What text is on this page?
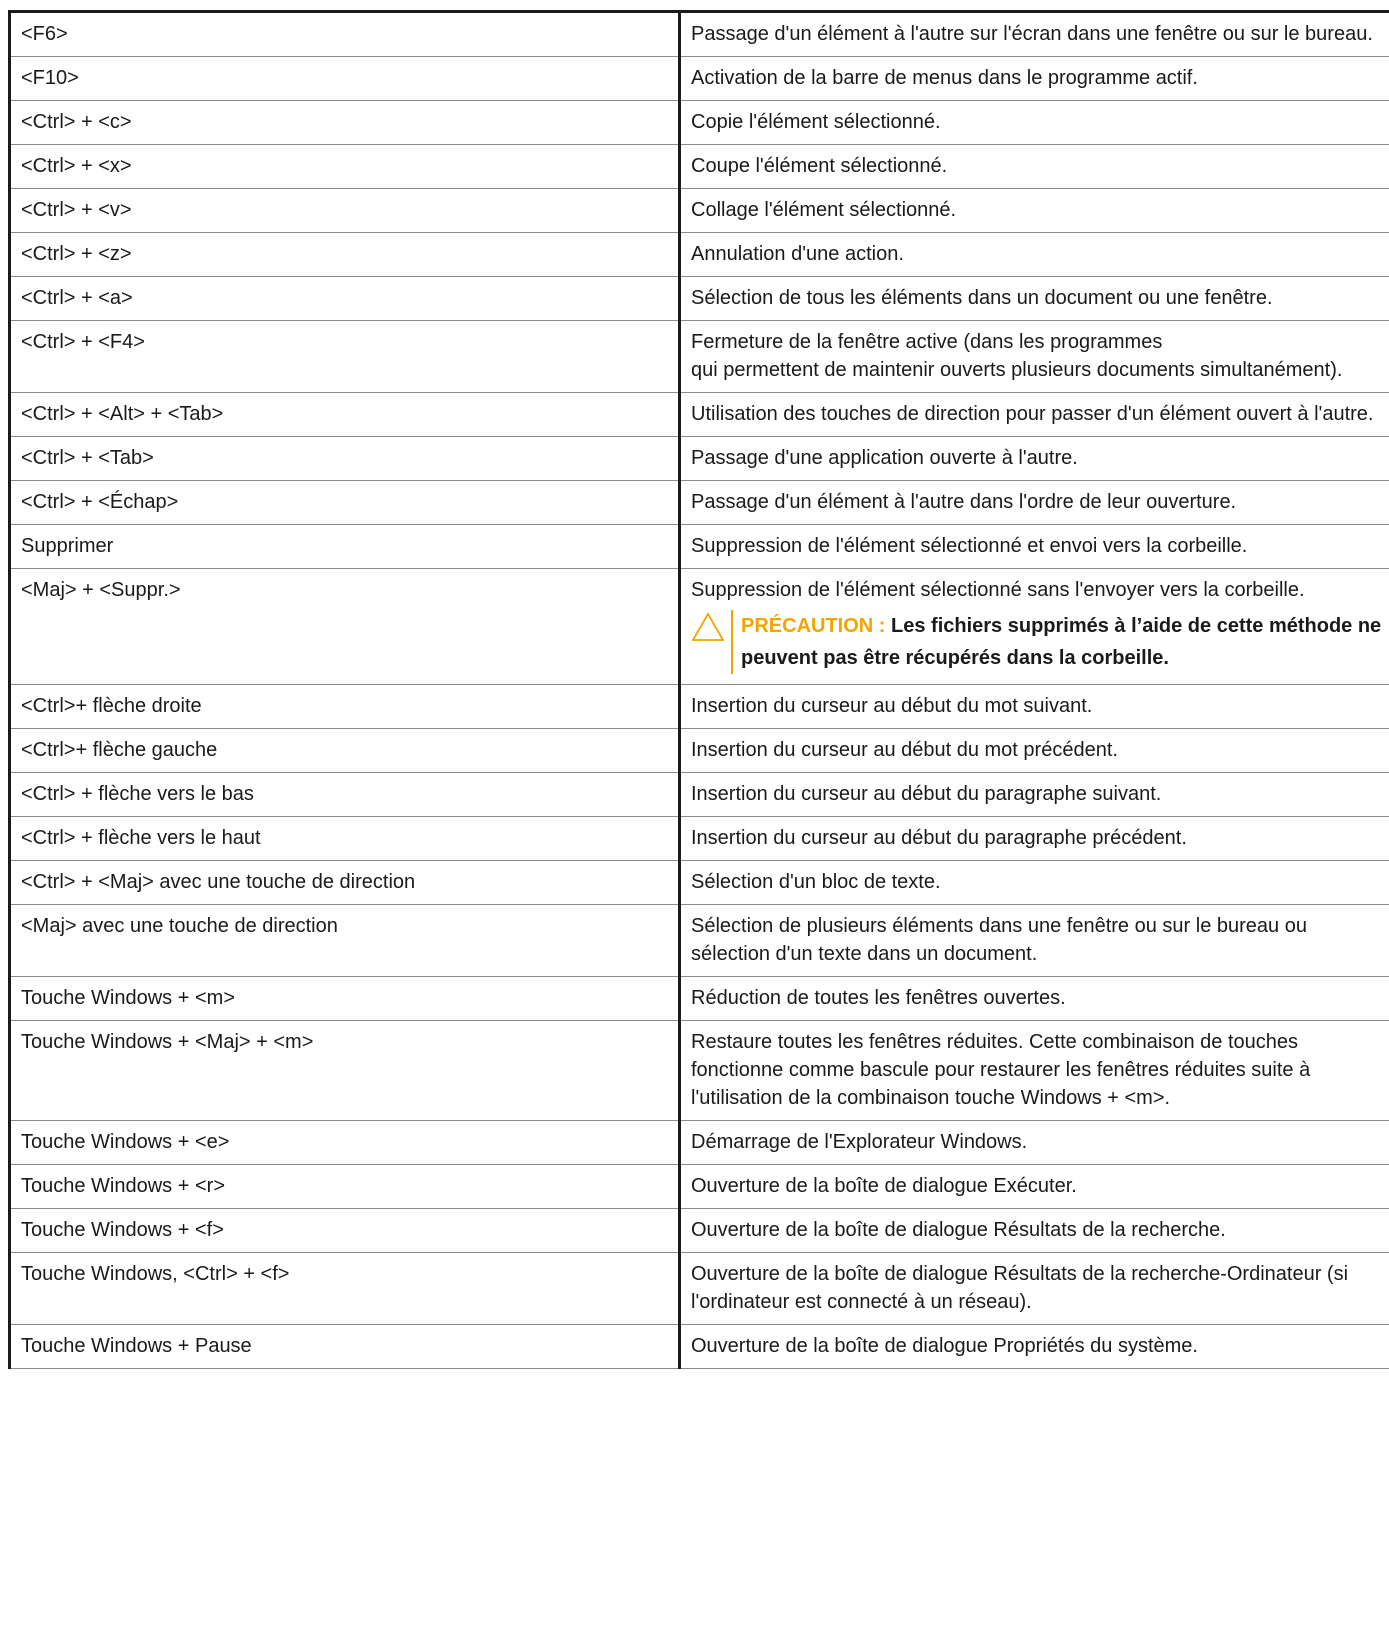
<F6>	Passage d'un élément à l'autre sur l'écran dans une fenêtre ou sur le bureau.

<F10>	Activation de la barre de menus dans le programme actif.

<Ctrl> + <c>	Copie l'élément sélectionné.

<Ctrl> + <x>	Coupe l'élément sélectionné.

<Ctrl> + <v>	Collage l'élément sélectionné.

<Ctrl> + <z>	Annulation d'une action.

<Ctrl> + <a>	Sélection de tous les éléments dans un document ou une fenêtre.

<Ctrl> + <F4>	Fermeture de la fenêtre active (dans les programmes
qui permettent de maintenir ouverts plusieurs documents simultanément).

<Ctrl> + <Alt> + <Tab>	Utilisation des touches de direction pour passer d'un élément ouvert à l'autre.

<Ctrl> + <Tab>	Passage d'une application ouverte à l'autre.

<Ctrl> + <Échap>	Passage d'un élément à l'autre dans l'ordre de leur ouverture.

Supprimer	Suppression de l'élément sélectionné et envoi vers la corbeille.

<Maj> + <Suppr.>	Suppression de l'élément sélectionné sans l'envoyer vers la corbeille.
PRÉCAUTION : Les fichiers supprimés à l’aide de cette méthode ne peuvent pas être récupérés dans la corbeille.

<Ctrl>+ flèche droite	Insertion du curseur au début du mot suivant.

<Ctrl>+ flèche gauche	Insertion du curseur au début du mot précédent.

<Ctrl> + flèche vers le bas	Insertion du curseur au début du paragraphe suivant.

<Ctrl> + flèche vers le haut	Insertion du curseur au début du paragraphe précédent.

<Ctrl> + <Maj> avec une touche de direction	Sélection d'un bloc de texte.

<Maj> avec une touche de direction	Sélection de plusieurs éléments dans une fenêtre ou sur le bureau ou sélection d'un texte dans un document.

Touche Windows + <m>	Réduction de toutes les fenêtres ouvertes.

Touche Windows + <Maj> + <m>	Restaure toutes les fenêtres réduites. Cette combinaison de touches fonctionne comme bascule pour restaurer les fenêtres réduites suite à l'utilisation de la combinaison touche Windows + <m>.

Touche Windows + <e>	Démarrage de l'Explorateur Windows.

Touche Windows + <r>	Ouverture de la boîte de dialogue Exécuter.

Touche Windows + <f>	Ouverture de la boîte de dialogue Résultats de la recherche.

Touche Windows, <Ctrl> + <f>	Ouverture de la boîte de dialogue Résultats de la recherche-Ordinateur (si l'ordinateur est connecté à un réseau).

Touche Windows + Pause	Ouverture de la boîte de dialogue Propriétés du système.
